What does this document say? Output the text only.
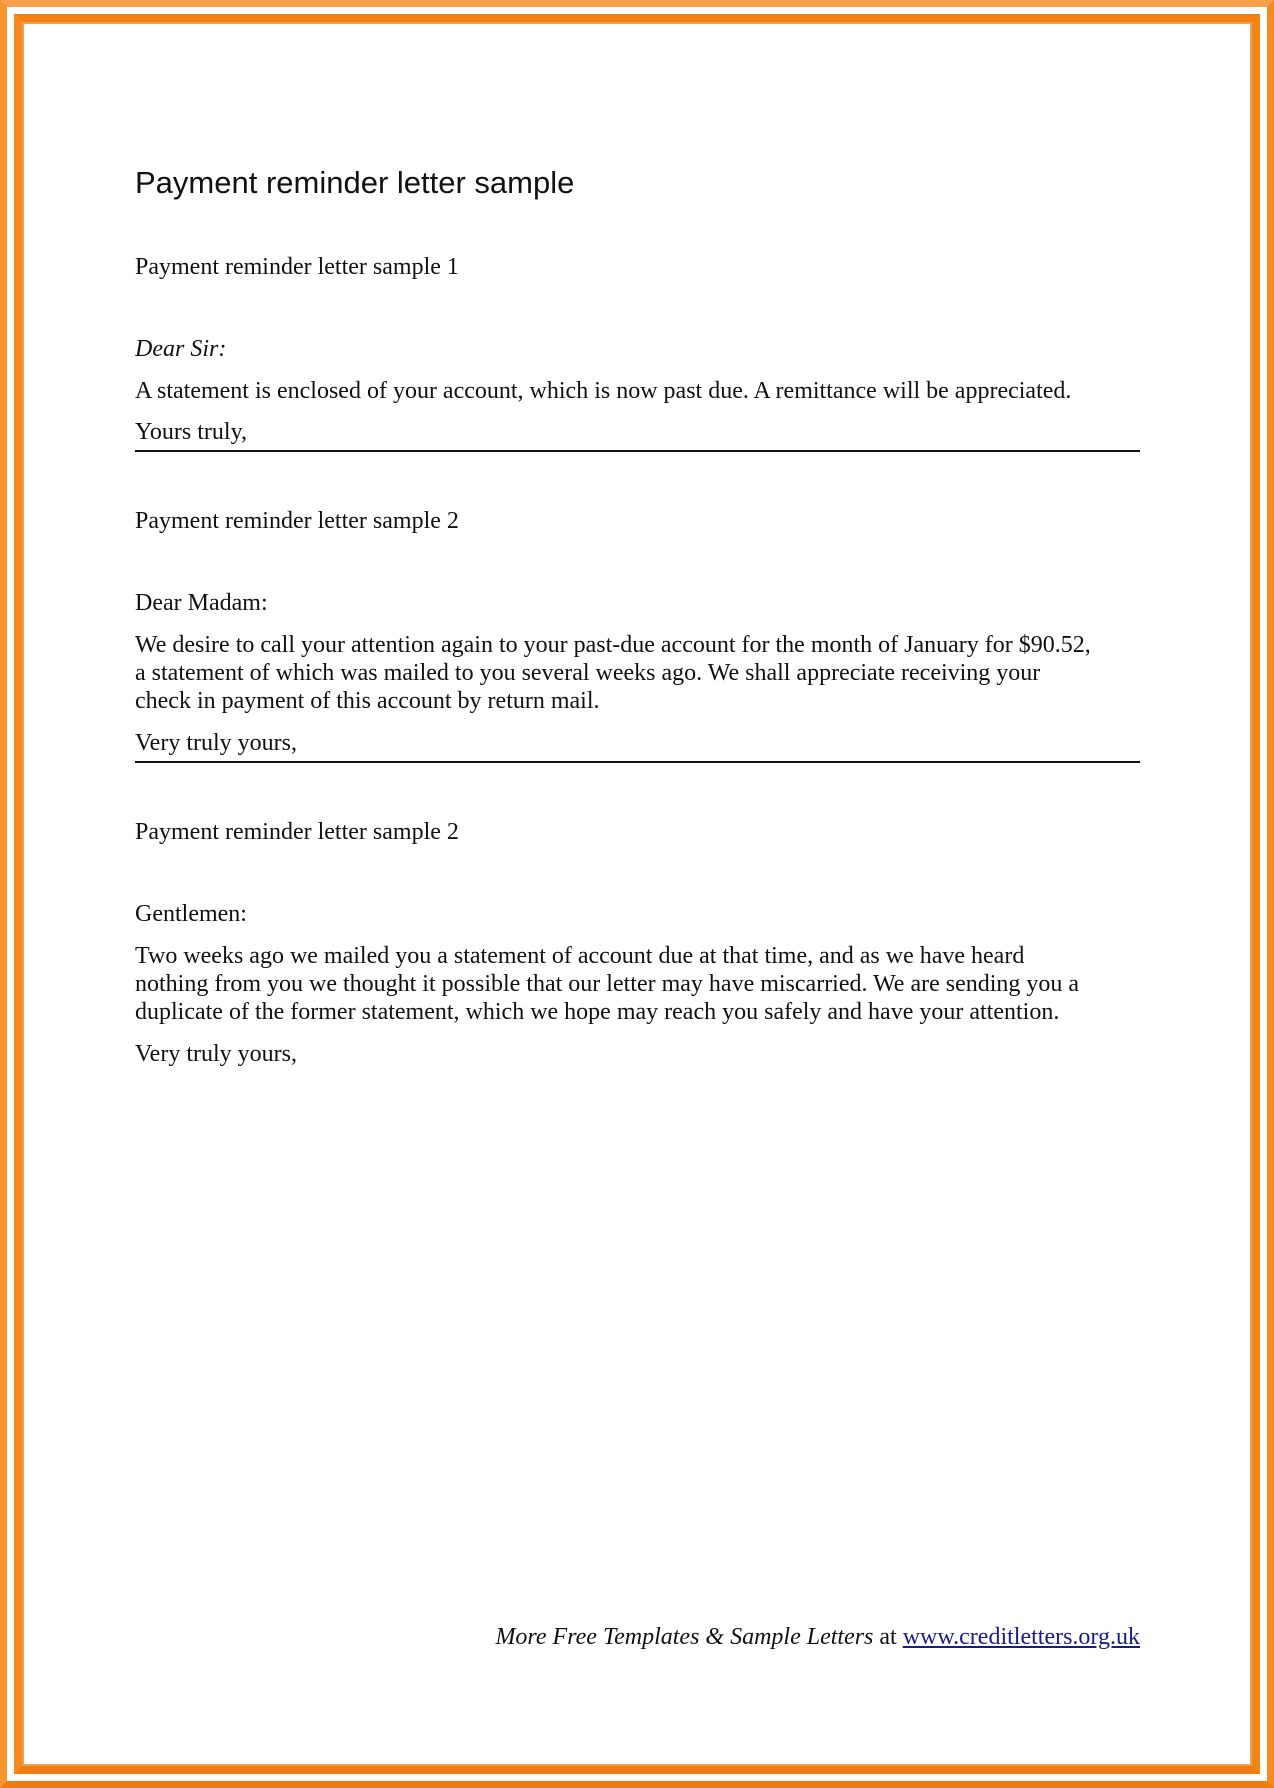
Payment reminder letter sample

Payment reminder letter sample 1

Dear Sir:

A statement is enclosed of your account, which is now past due. A remittance will be appreciated.

Yours truly,

Payment reminder letter sample 2

Dear Madam:

We desire to call your attention again to your past-due account for the month of January for $90.52,

a statement of which was mailed to you several weeks ago. We shall appreciate receiving your

check in payment of this account by return mail.

Very truly yours,

Payment reminder letter sample 2

Gentlemen:

Two weeks ago we mailed you a statement of account due at that time, and as we have heard

nothing from you we thought it possible that our letter may have miscarried. We are sending you a

duplicate of the former statement, which we hope may reach you safely and have your attention.

Very truly yours,

More Free Templates & Sample Letters at www.creditletters.org.uk
